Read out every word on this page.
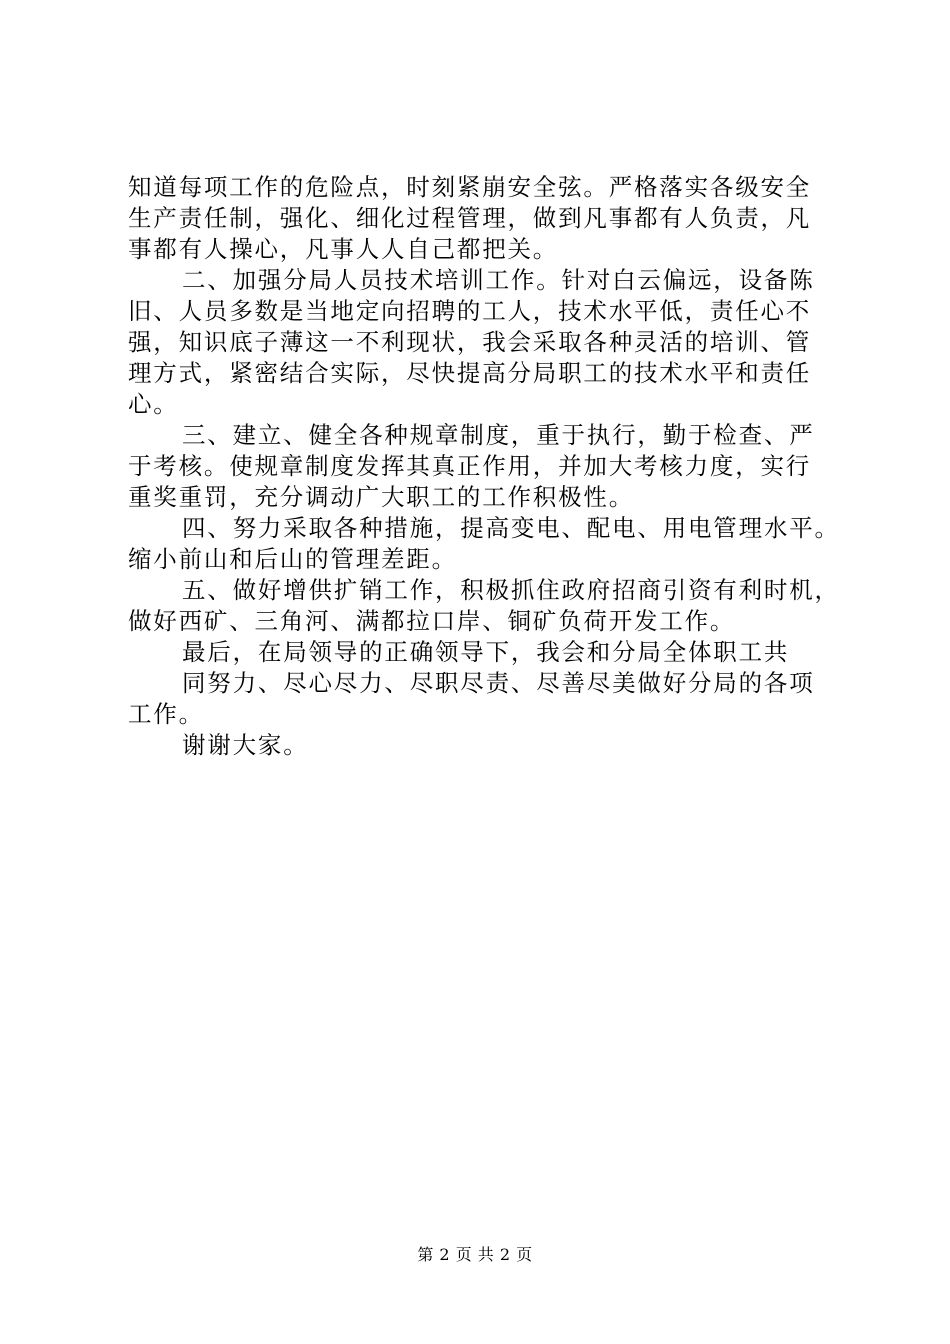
知道每项工作的危险点，时刻紧崩安全弦。严格落实各级安全
生产责任制，强化、细化过程管理，做到凡事都有人负责，凡
事都有人操心，凡事人人自己都把关。
二、加强分局人员技术培训工作。针对白云偏远，设备陈
旧、人员多数是当地定向招聘的工人，技术水平低，责任心不
强，知识底子薄这一不利现状，我会采取各种灵活的培训、管
理方式，紧密结合实际，尽快提高分局职工的技术水平和责任
心。
三、建立、健全各种规章制度，重于执行，勤于检查、严
于考核。使规章制度发挥其真正作用，并加大考核力度，实行
重奖重罚，充分调动广大职工的工作积极性。
四、努力采取各种措施，提高变电、配电、用电管理水平。
缩小前山和后山的管理差距。
五、做好增供扩销工作，积极抓住政府招商引资有利时机，
做好西矿、三角河、满都拉口岸、铜矿负荷开发工作。
最后，在局领导的正确领导下，我会和分局全体职工共
同努力、尽心尽力、尽职尽责、尽善尽美做好分局的各项
工作。
谢谢大家。
第 2 页 共 2 页
